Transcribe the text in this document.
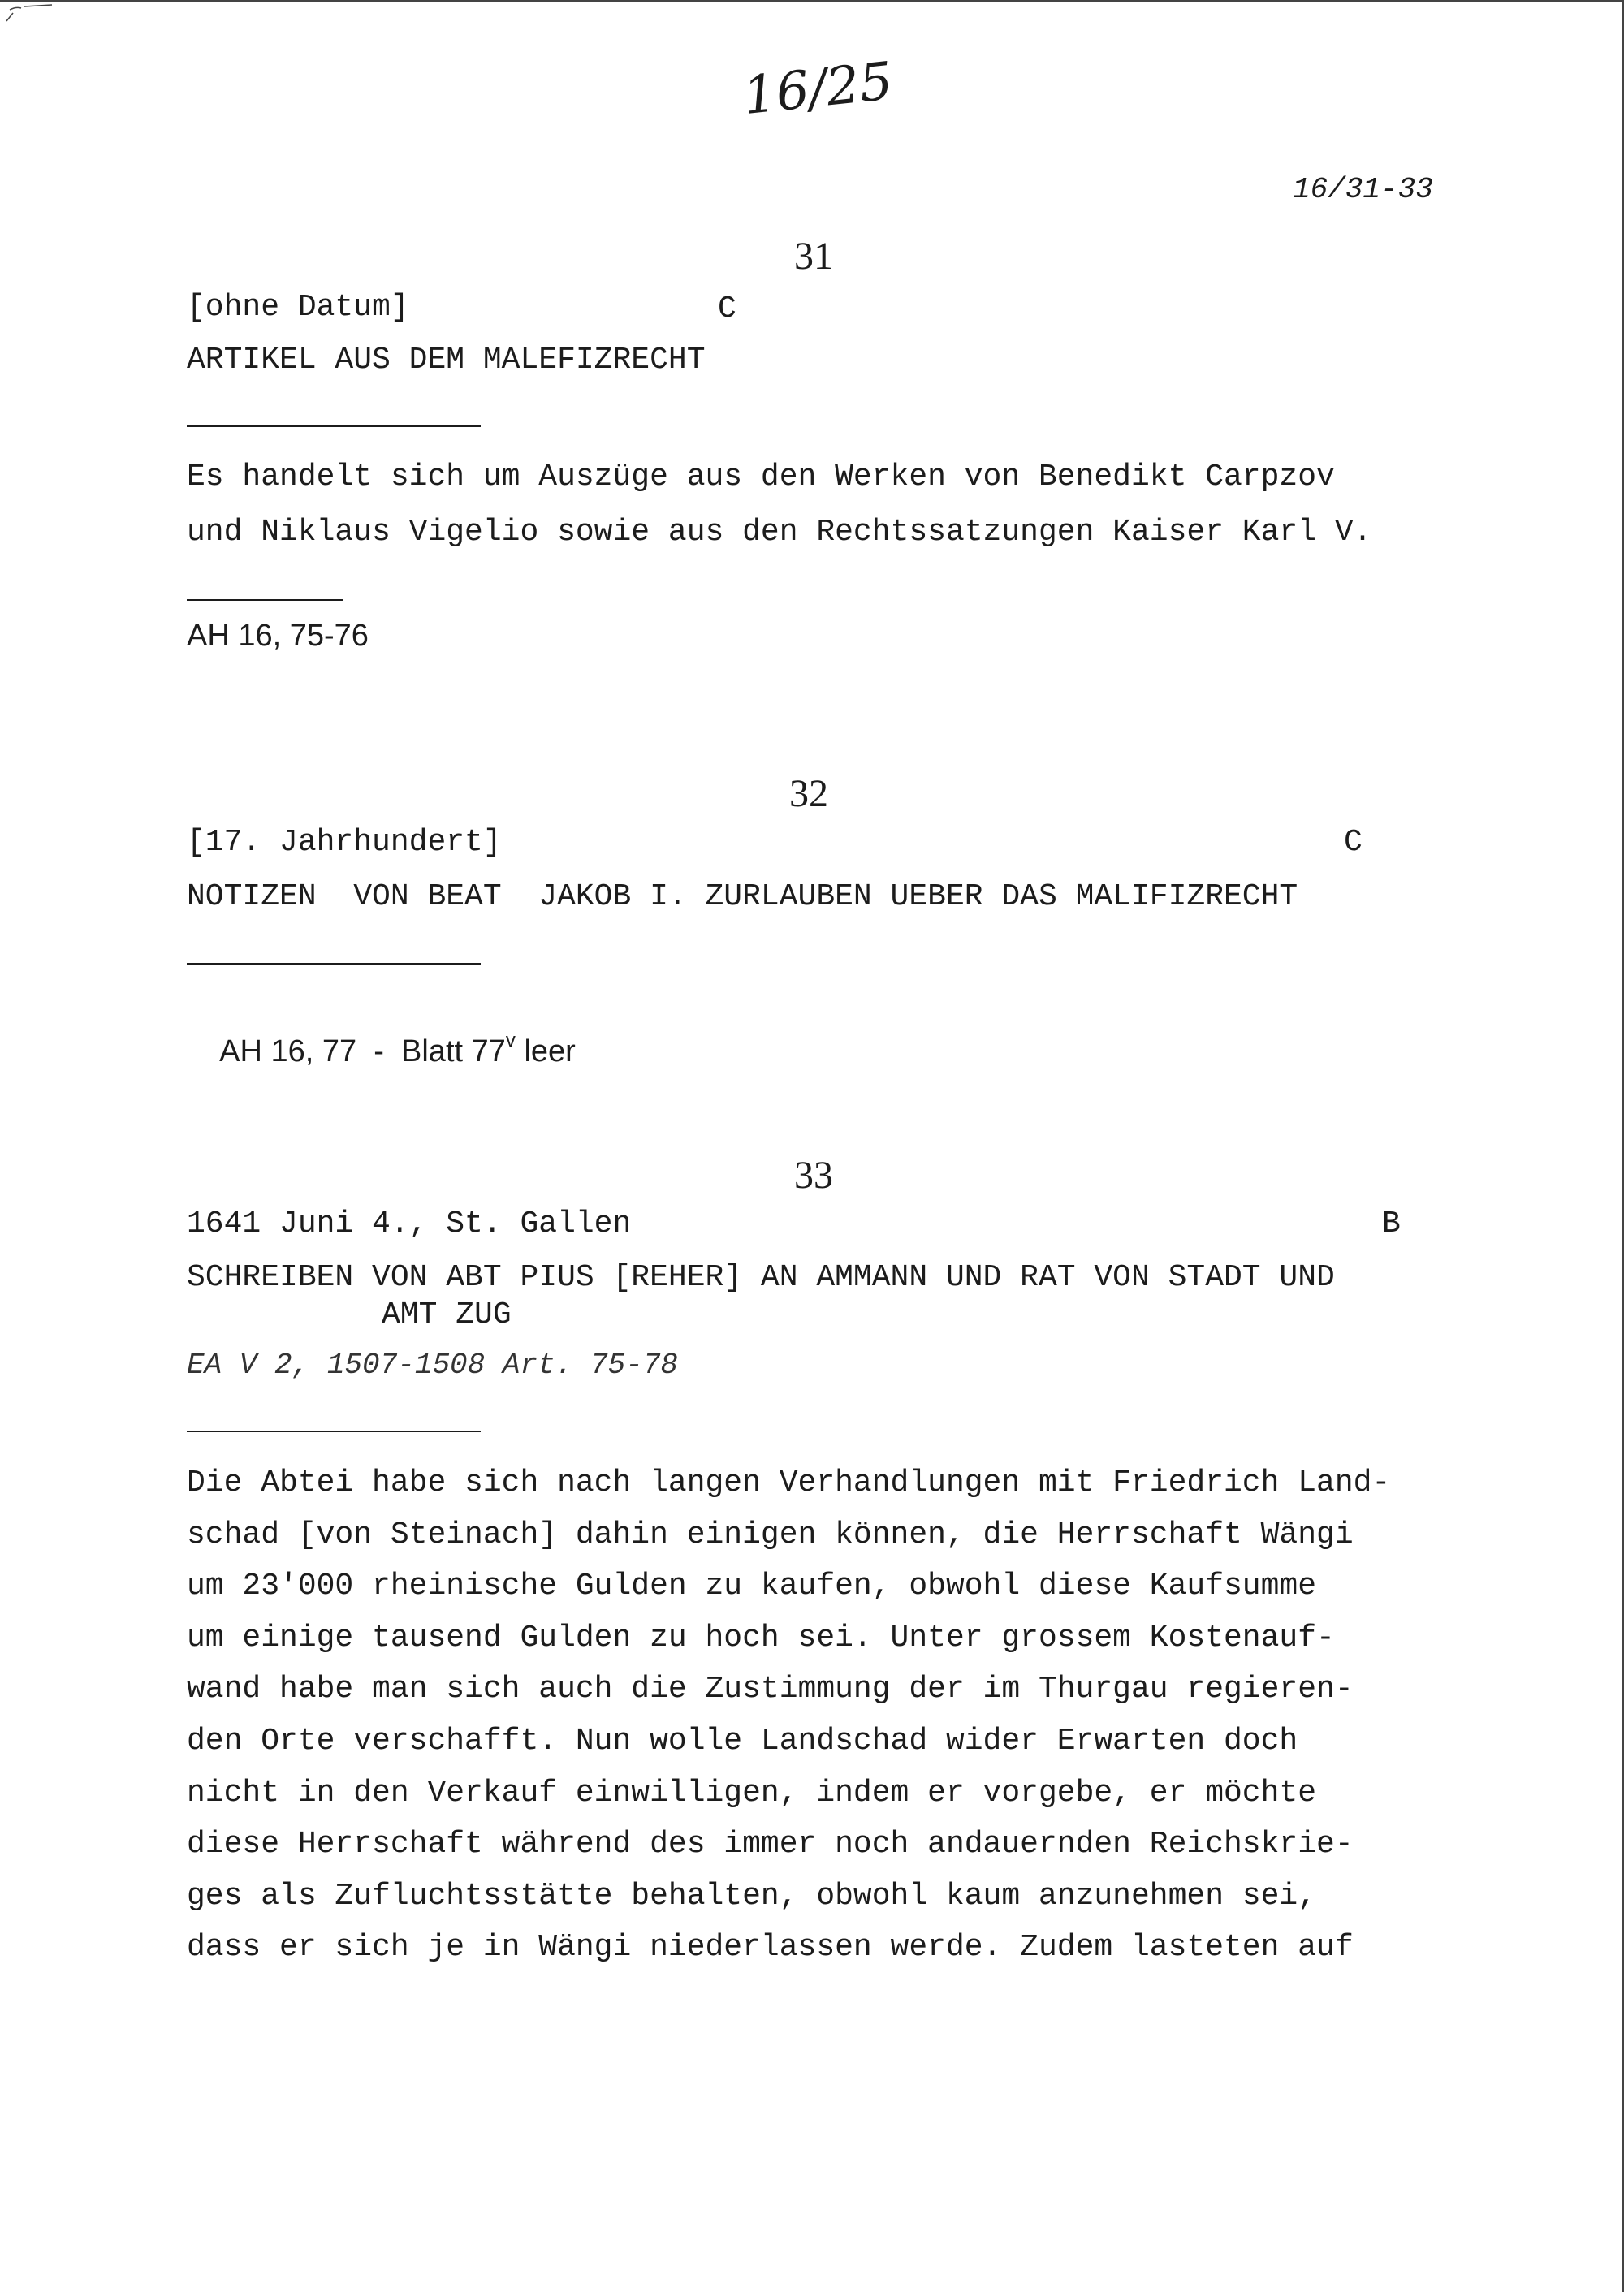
16/25
16/31-33
31
[ohne Datum]	C
ARTIKEL AUS DEM MALEFIZRECHT
Es handelt sich um Auszüge aus den Werken von Benedikt Carpzov
und Niklaus Vigelio sowie aus den Rechtssatzungen Kaiser Karl V.
AH 16, 75-76
32
[17. Jahrhundert]	C
NOTIZEN  VON BEAT  JAKOB I. ZURLAUBEN UEBER DAS MALIFIZRECHT

AH 16, 77  -  Blatt 77$^v$ leer

33
1641 Juni 4., St. Gallen	B
SCHREIBEN VON ABT PIUS [REHER] AN AMMANN UND RAT VON STADT UND
AMT ZUG
EA V 2, 1507-1508 Art. 75-78
Die Abtei habe sich nach langen Verhandlungen mit Friedrich Land-
schad [von Steinach] dahin einigen können, die Herrschaft Wängi
um 23'000 rheinische Gulden zu kaufen, obwohl diese Kaufsumme
um einige tausend Gulden zu hoch sei. Unter grossem Kostenauf-
wand habe man sich auch die Zustimmung der im Thurgau regieren-
den Orte verschafft. Nun wolle Landschad wider Erwarten doch
nicht in den Verkauf einwilligen, indem er vorgebe, er möchte
diese Herrschaft während des immer noch andauernden Reichskrie-
ges als Zufluchtsstätte behalten, obwohl kaum anzunehmen sei,
dass er sich je in Wängi niederlassen werde. Zudem lasteten auf
